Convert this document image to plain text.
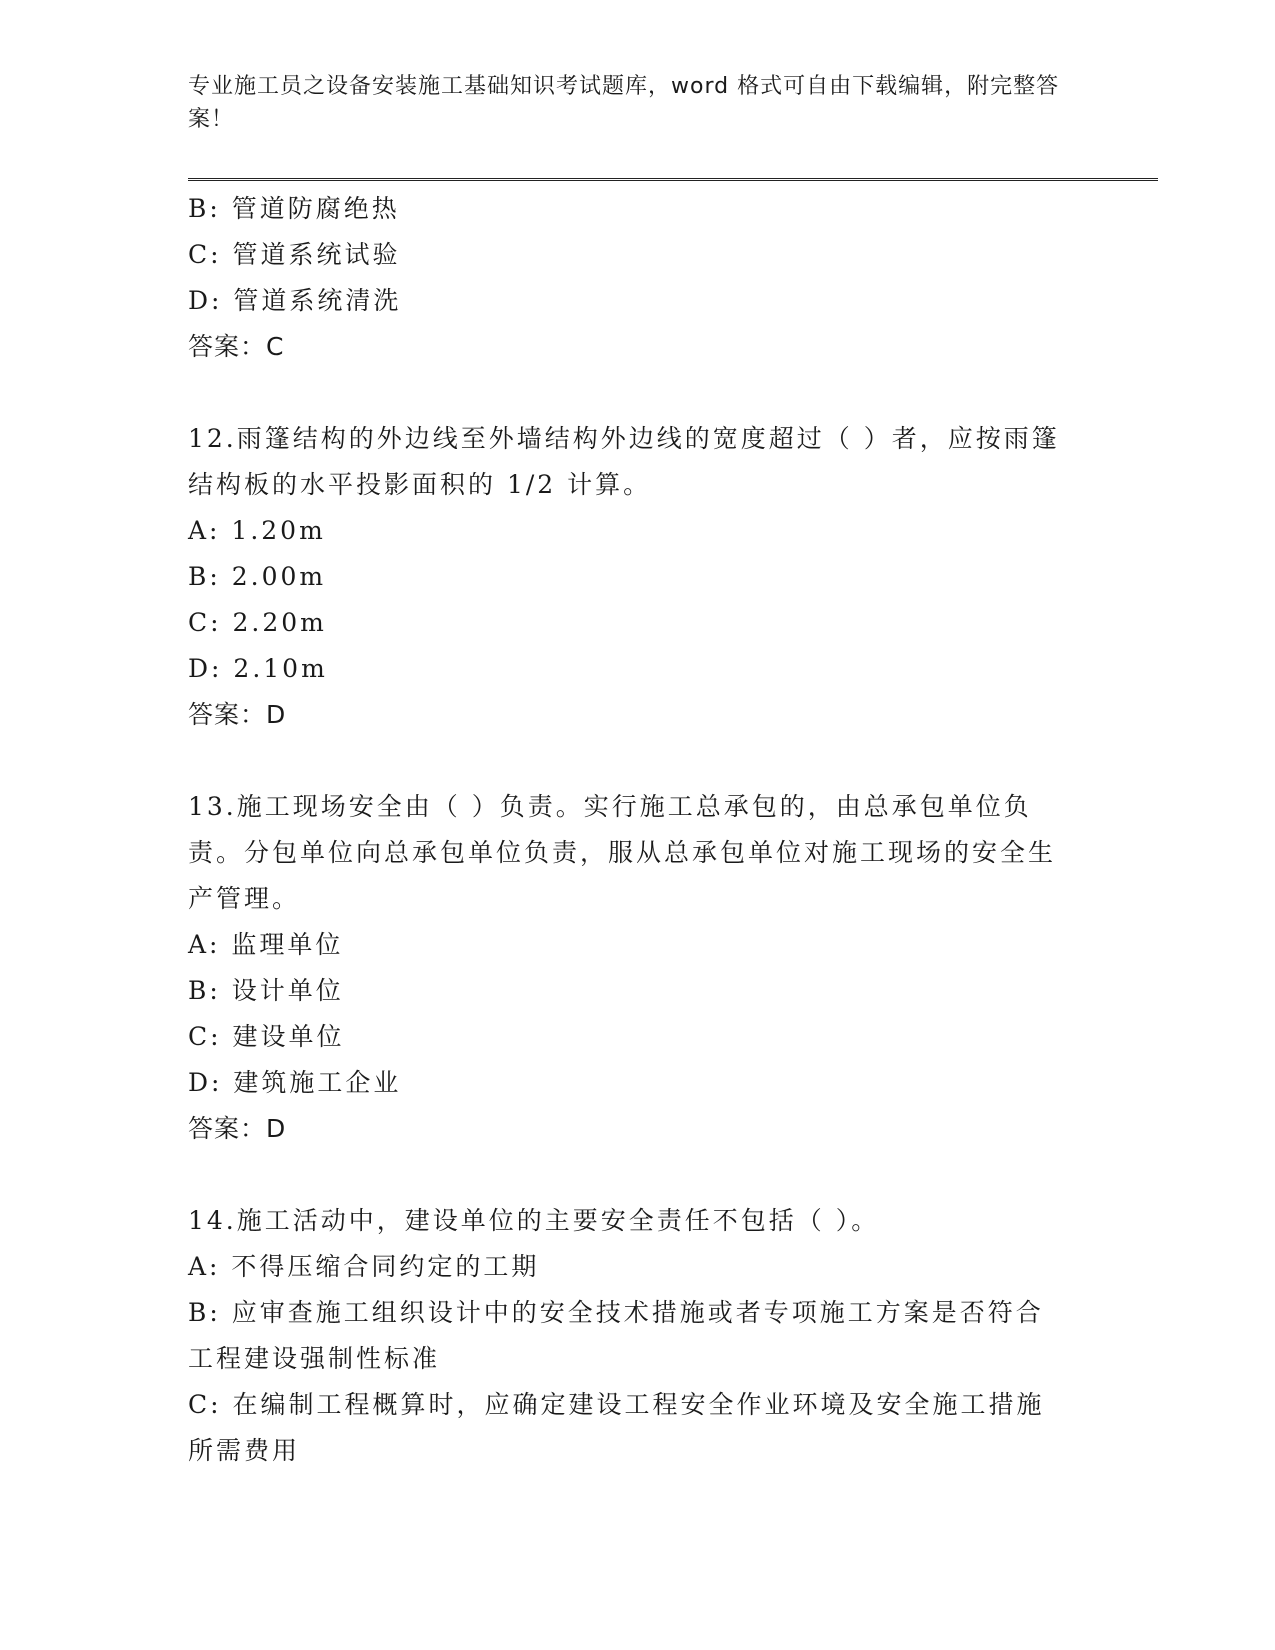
专业施工员之设备安装施工基础知识考试题库，word 格式可自由下载编辑，附完整答案！

B: 管道防腐绝热

C: 管道系统试验

D: 管道系统清洗

答案：C

12.雨篷结构的外边线至外墙结构外边线的宽度超过（ ）者，应按雨篷结构板的水平投影面积的 1/2 计算。

A: 1.20m

B: 2.00m

C: 2.20m

D: 2.10m

答案：D

13.施工现场安全由（ ）负责。实行施工总承包的，由总承包单位负责。分包单位向总承包单位负责，服从总承包单位对施工现场的安全生产管理。

A: 监理单位

B: 设计单位

C: 建设单位

D: 建筑施工企业

答案：D

14.施工活动中，建设单位的主要安全责任不包括（ ）。

A: 不得压缩合同约定的工期

B: 应审查施工组织设计中的安全技术措施或者专项施工方案是否符合工程建设强制性标准

C: 在编制工程概算时，应确定建设工程安全作业环境及安全施工措施所需费用
